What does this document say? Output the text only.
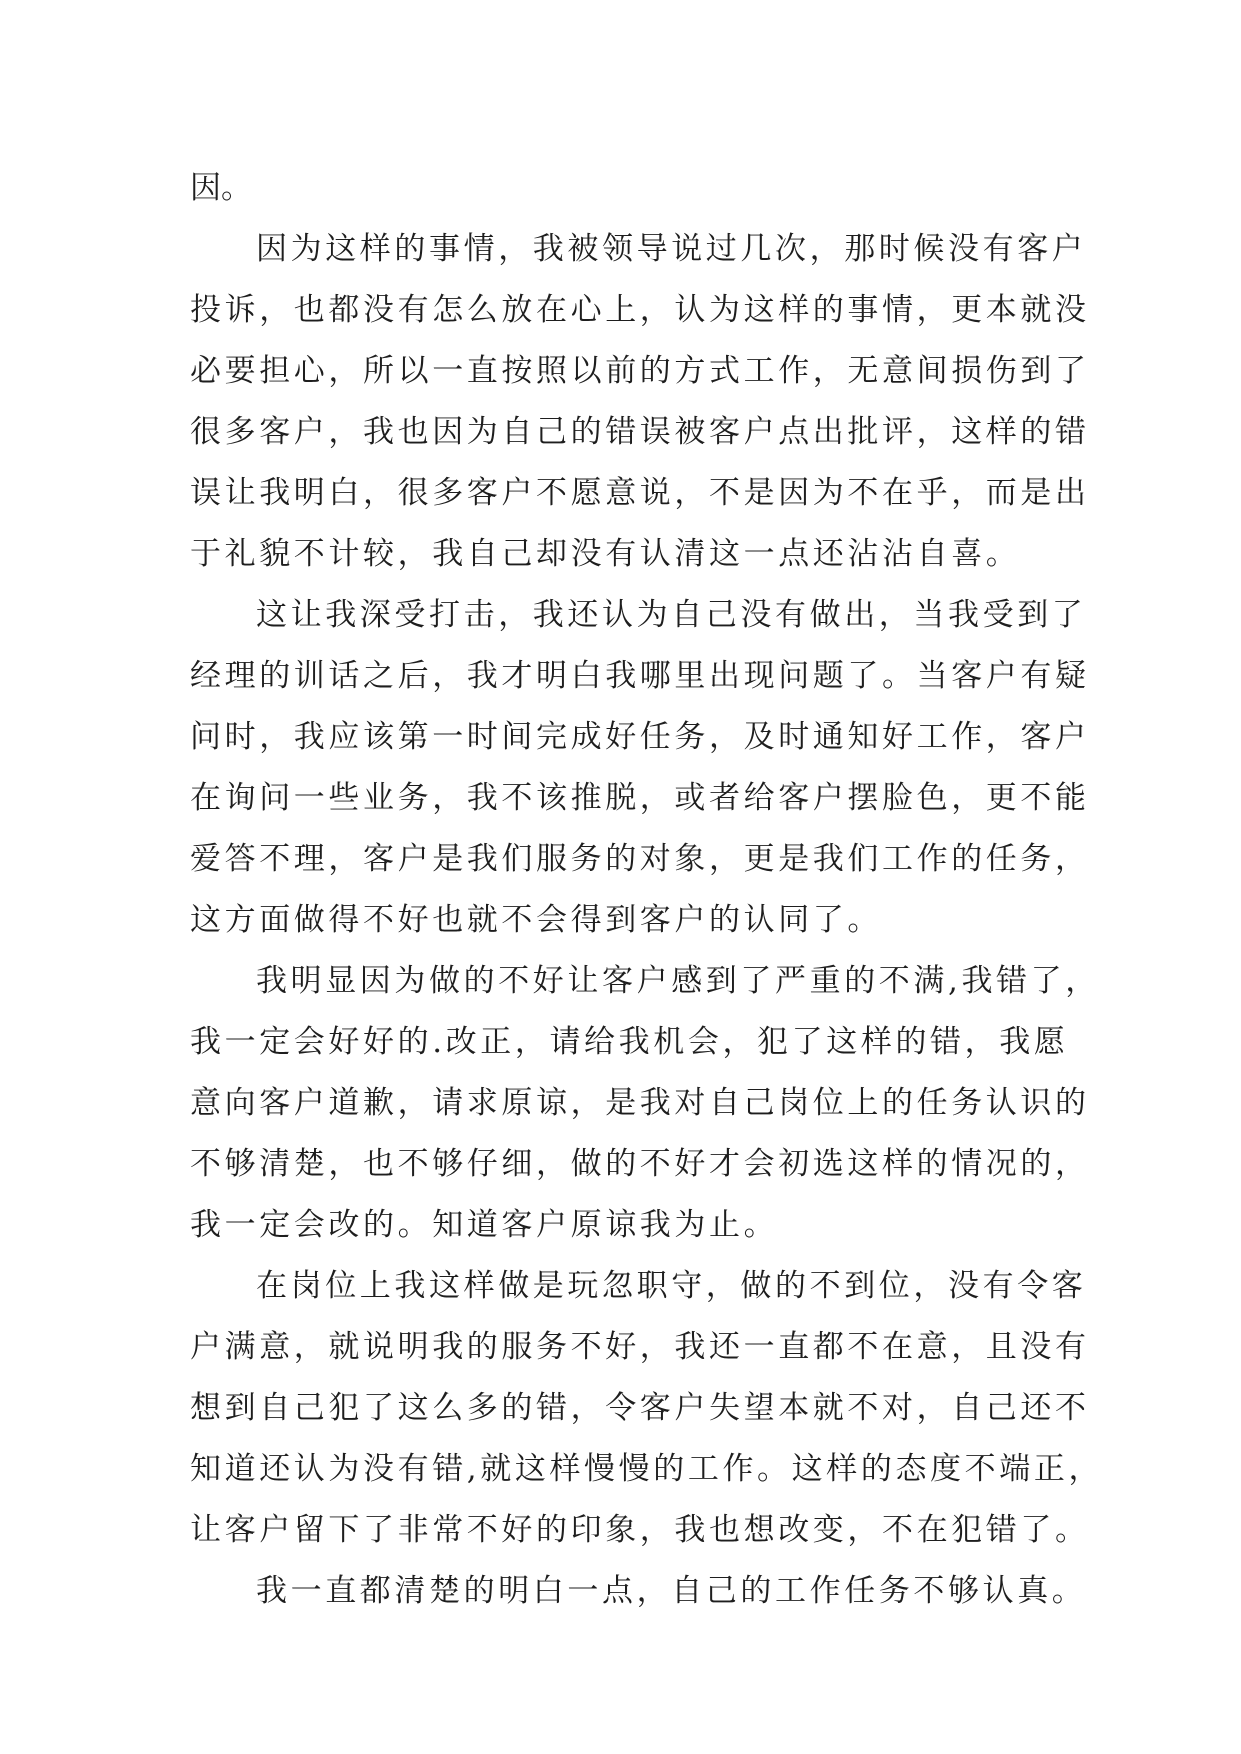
因。
因为这样的事情，我被领导说过几次，那时候没有客户
投诉，也都没有怎么放在心上，认为这样的事情，更本就没
必要担心，所以一直按照以前的方式工作，无意间损伤到了
很多客户，我也因为自己的错误被客户点出批评，这样的错
误让我明白，很多客户不愿意说，不是因为不在乎，而是出
于礼貌不计较，我自己却没有认清这一点还沾沾自喜。
这让我深受打击，我还认为自己没有做出，当我受到了
经理的训话之后，我才明白我哪里出现问题了。当客户有疑
问时，我应该第一时间完成好任务，及时通知好工作，客户
在询问一些业务，我不该推脱，或者给客户摆脸色，更不能
爱答不理，客户是我们服务的对象，更是我们工作的任务，
这方面做得不好也就不会得到客户的认同了。
我明显因为做的不好让客户感到了严重的不满,我错了，
我一定会好好的.改正，请给我机会，犯了这样的错，我愿
意向客户道歉，请求原谅，是我对自己岗位上的任务认识的
不够清楚，也不够仔细，做的不好才会初选这样的情况的，
我一定会改的。知道客户原谅我为止。
在岗位上我这样做是玩忽职守，做的不到位，没有令客
户满意，就说明我的服务不好，我还一直都不在意，且没有
想到自己犯了这么多的错，令客户失望本就不对，自己还不
知道还认为没有错,就这样慢慢的工作。这样的态度不端正，
让客户留下了非常不好的印象，我也想改变，不在犯错了。
我一直都清楚的明白一点，自己的工作任务不够认真。
